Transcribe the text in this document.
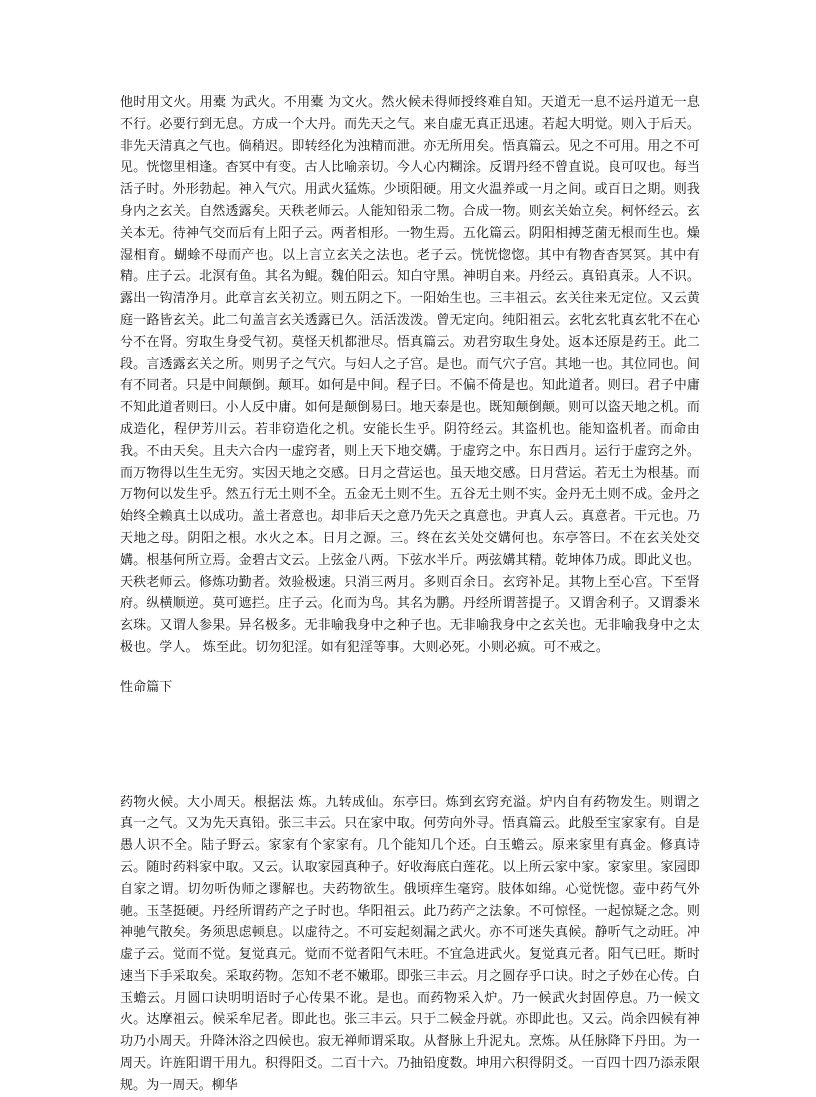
他时用文火。用橐 为武火。不用橐 为文火。然火候未得师授终难自知。天道无一息不运丹道无一息不行。必要行到无息。方成一个大丹。而先天之气。来自虚无真正迅速。若起大明觉。则入于后天。非先天清真之气也。倘稍迟。即转经化为浊精而泄。亦无所用矣。悟真篇云。见之不可用。用之不可见。恍惚里相逢。杳冥中有变。古人比喻亲切。今人心内糊涂。反谓丹经不曾直说。良可叹也。每当活子时。外形勃起。神入气穴。用武火猛炼。少顷阳硬。用文火温养或一月之间。或百日之期。则我身内之玄关。自然透露矣。天秩老师云。人能知铅汞二物。合成一物。则玄关始立矣。柯怀经云。玄关本无。待神气交而后有上阳子云。两者相形。一物生焉。五化篇云。阴阳相搏芝菌无根而生也。燥湿相育。蝴蜍不母而产也。以上言立玄关之法也。老子云。恍恍惚惚。其中有物杳杳冥冥。其中有精。庄子云。北溟有鱼。其名为鲲。魏伯阳云。知白守黑。神明自来。丹经云。真铅真汞。人不识。露出一钩清净月。此章言玄关初立。则五阴之下。一阳始生也。三丰祖云。玄关往来无定位。又云黄庭一路皆玄关。此二句盖言玄关透露已久。活活泼泼。曾无定向。纯阳祖云。玄牝玄牝真玄牝不在心兮不在肾。穷取生身受气初。莫怪天机都泄尽。悟真篇云。劝君穷取生身处。返本还原是药王。此二段。言透露玄关之所。则男子之气穴。与妇人之子宫。是也。而气穴子宫。其地一也。其位同也。间有不同者。只是中间颠倒。颠耳。如何是中间。程子曰。不偏不倚是也。知此道者。则曰。君子中庸不知此道者则曰。小人反中庸。如何是颠倒易曰。地天泰是也。既知颠倒颠。则可以盗天地之机。而成造化，程伊芳川云。若非窃造化之机。安能长生乎。阴符经云。其盗机也。能知盗机者。而命由我。不由天矣。且夫六合内一虚窍者，则上天下地交媾。于虚窍之中。东日西月。运行于虚窍之外。而万物得以生生无穷。实因天地之交感。日月之营运也。虽天地交感。日月营运。若无土为根基。而万物何以发生乎。然五行无土则不全。五金无土则不生。五谷无土则不实。金丹无土则不成。金丹之始终全赖真土以成功。盖土者意也。却非后天之意乃先天之真意也。尹真人云。真意者。干元也。乃天地之母。阴阳之根。水火之本。日月之源。三。终在玄关处交媾何也。东亭答曰。不在玄关处交媾。根基何所立焉。金碧古文云。上弦金八两。下弦水半斤。两弦媾其精。乾坤体乃成。即此义也。天秩老师云。修炼功勤者。效验极速。只消三两月。多则百余日。玄窍补足。其物上至心宫。下至肾府。纵横顺逆。莫可遮拦。庄子云。化而为鸟。其名为鹏。丹经所谓菩提子。又谓舍利子。又谓黍米玄珠。又谓人参果。异名极多。无非喻我身中之种子也。无非喻我身中之玄关也。无非喻我身中之太极也。学人。 炼至此。切勿犯淫。如有犯淫等事。大则必死。小则必疯。可不戒之。

性命篇下

药物火候。大小周天。根据法 炼。九转成仙。东亭曰。炼到玄窍充溢。炉内自有药物发生。则谓之真一之气。又为先天真铅。张三丰云。只在家中取。何劳向外寻。悟真篇云。此般至宝家家有。自是愚人识不全。陆子野云。家家有个家家有。几个能知几个还。白玉蟾云。原来家里有真金。修真诗云。随时药料家中取。又云。认取家园真种子。好收海底白莲花。以上所云家中家。家家里。家园即自家之谓。切勿听伪师之谬解也。夫药物欲生。俄顷痒生毫窍。肢体如绵。心觉恍惚。壶中药气外驰。玉茎挺硬。丹经所谓药产之子时也。华阳祖云。此乃药产之法象。不可惊怪。一起惊疑之念。则神驰气散矣。务须思虑顿息。以虚待之。不可妄起刻漏之武火。亦不可迷失真候。静听气之动旺。冲虚子云。觉而不觉。复觉真元。觉而不觉者阳气未旺。不宜急进武火。复觉真元者。阳气已旺。斯时速当下手采取矣。采取药物。怎知不老不嫩耶。即张三丰云。月之圆存乎口诀。时之子妙在心传。白玉蟾云。月圆口诀明明语时子心传果不讹。是也。而药物采入炉。乃一候武火封固停息。乃一候文火。达摩祖云。候采牟尼者。即此也。张三丰云。只于二候金丹就。亦即此也。又云。尚余四候有神功乃小周天。升降沐浴之四候也。寂无禅师谓采取。从督脉上升泥丸。烹炼。从任脉降下丹田。为一周天。许旌阳谓干用九。积得阳爻。二百十六。乃抽铅度数。坤用六积得阴爻。一百四十四乃添汞限规。为一周天。柳华
